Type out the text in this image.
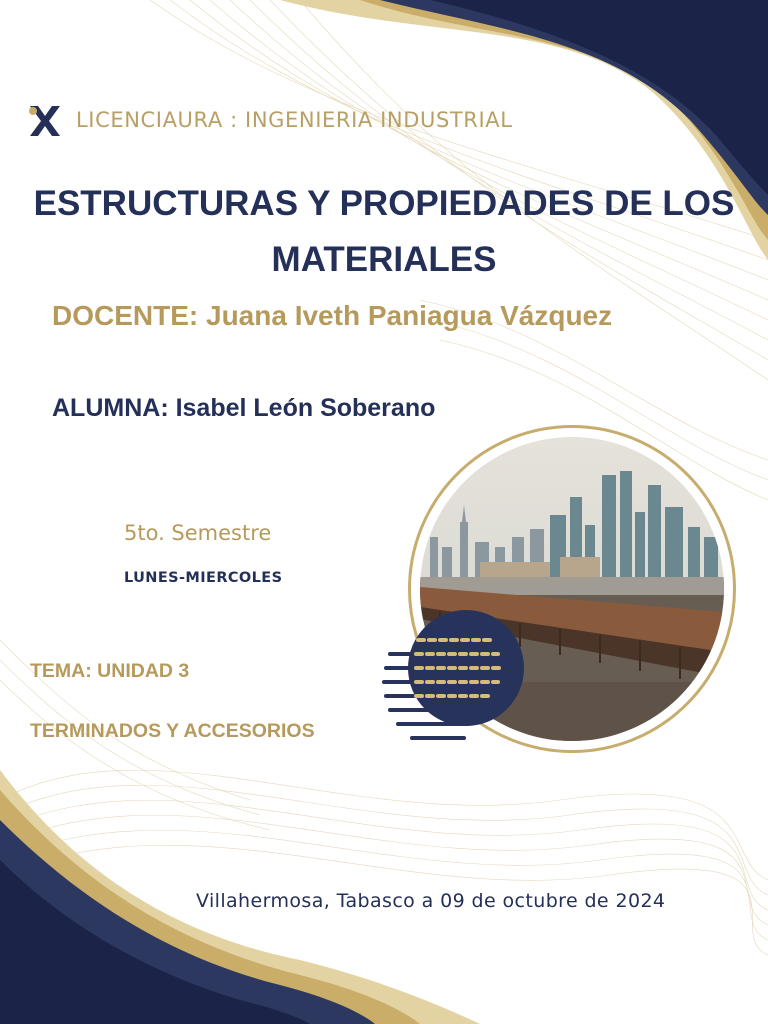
LICENCIAURA : INGENIERIA INDUSTRIAL

ESTRUCTURAS Y PROPIEDADES DE LOS MATERIALES

DOCENTE: Juana Iveth Paniagua Vázquez

ALUMNA: Isabel León Soberano

5to. Semestre

LUNES-MIERCOLES

TEMA: UNIDAD 3

TERMINADOS Y ACCESORIOS

Villahermosa, Tabasco a 09 de octubre de 2024
